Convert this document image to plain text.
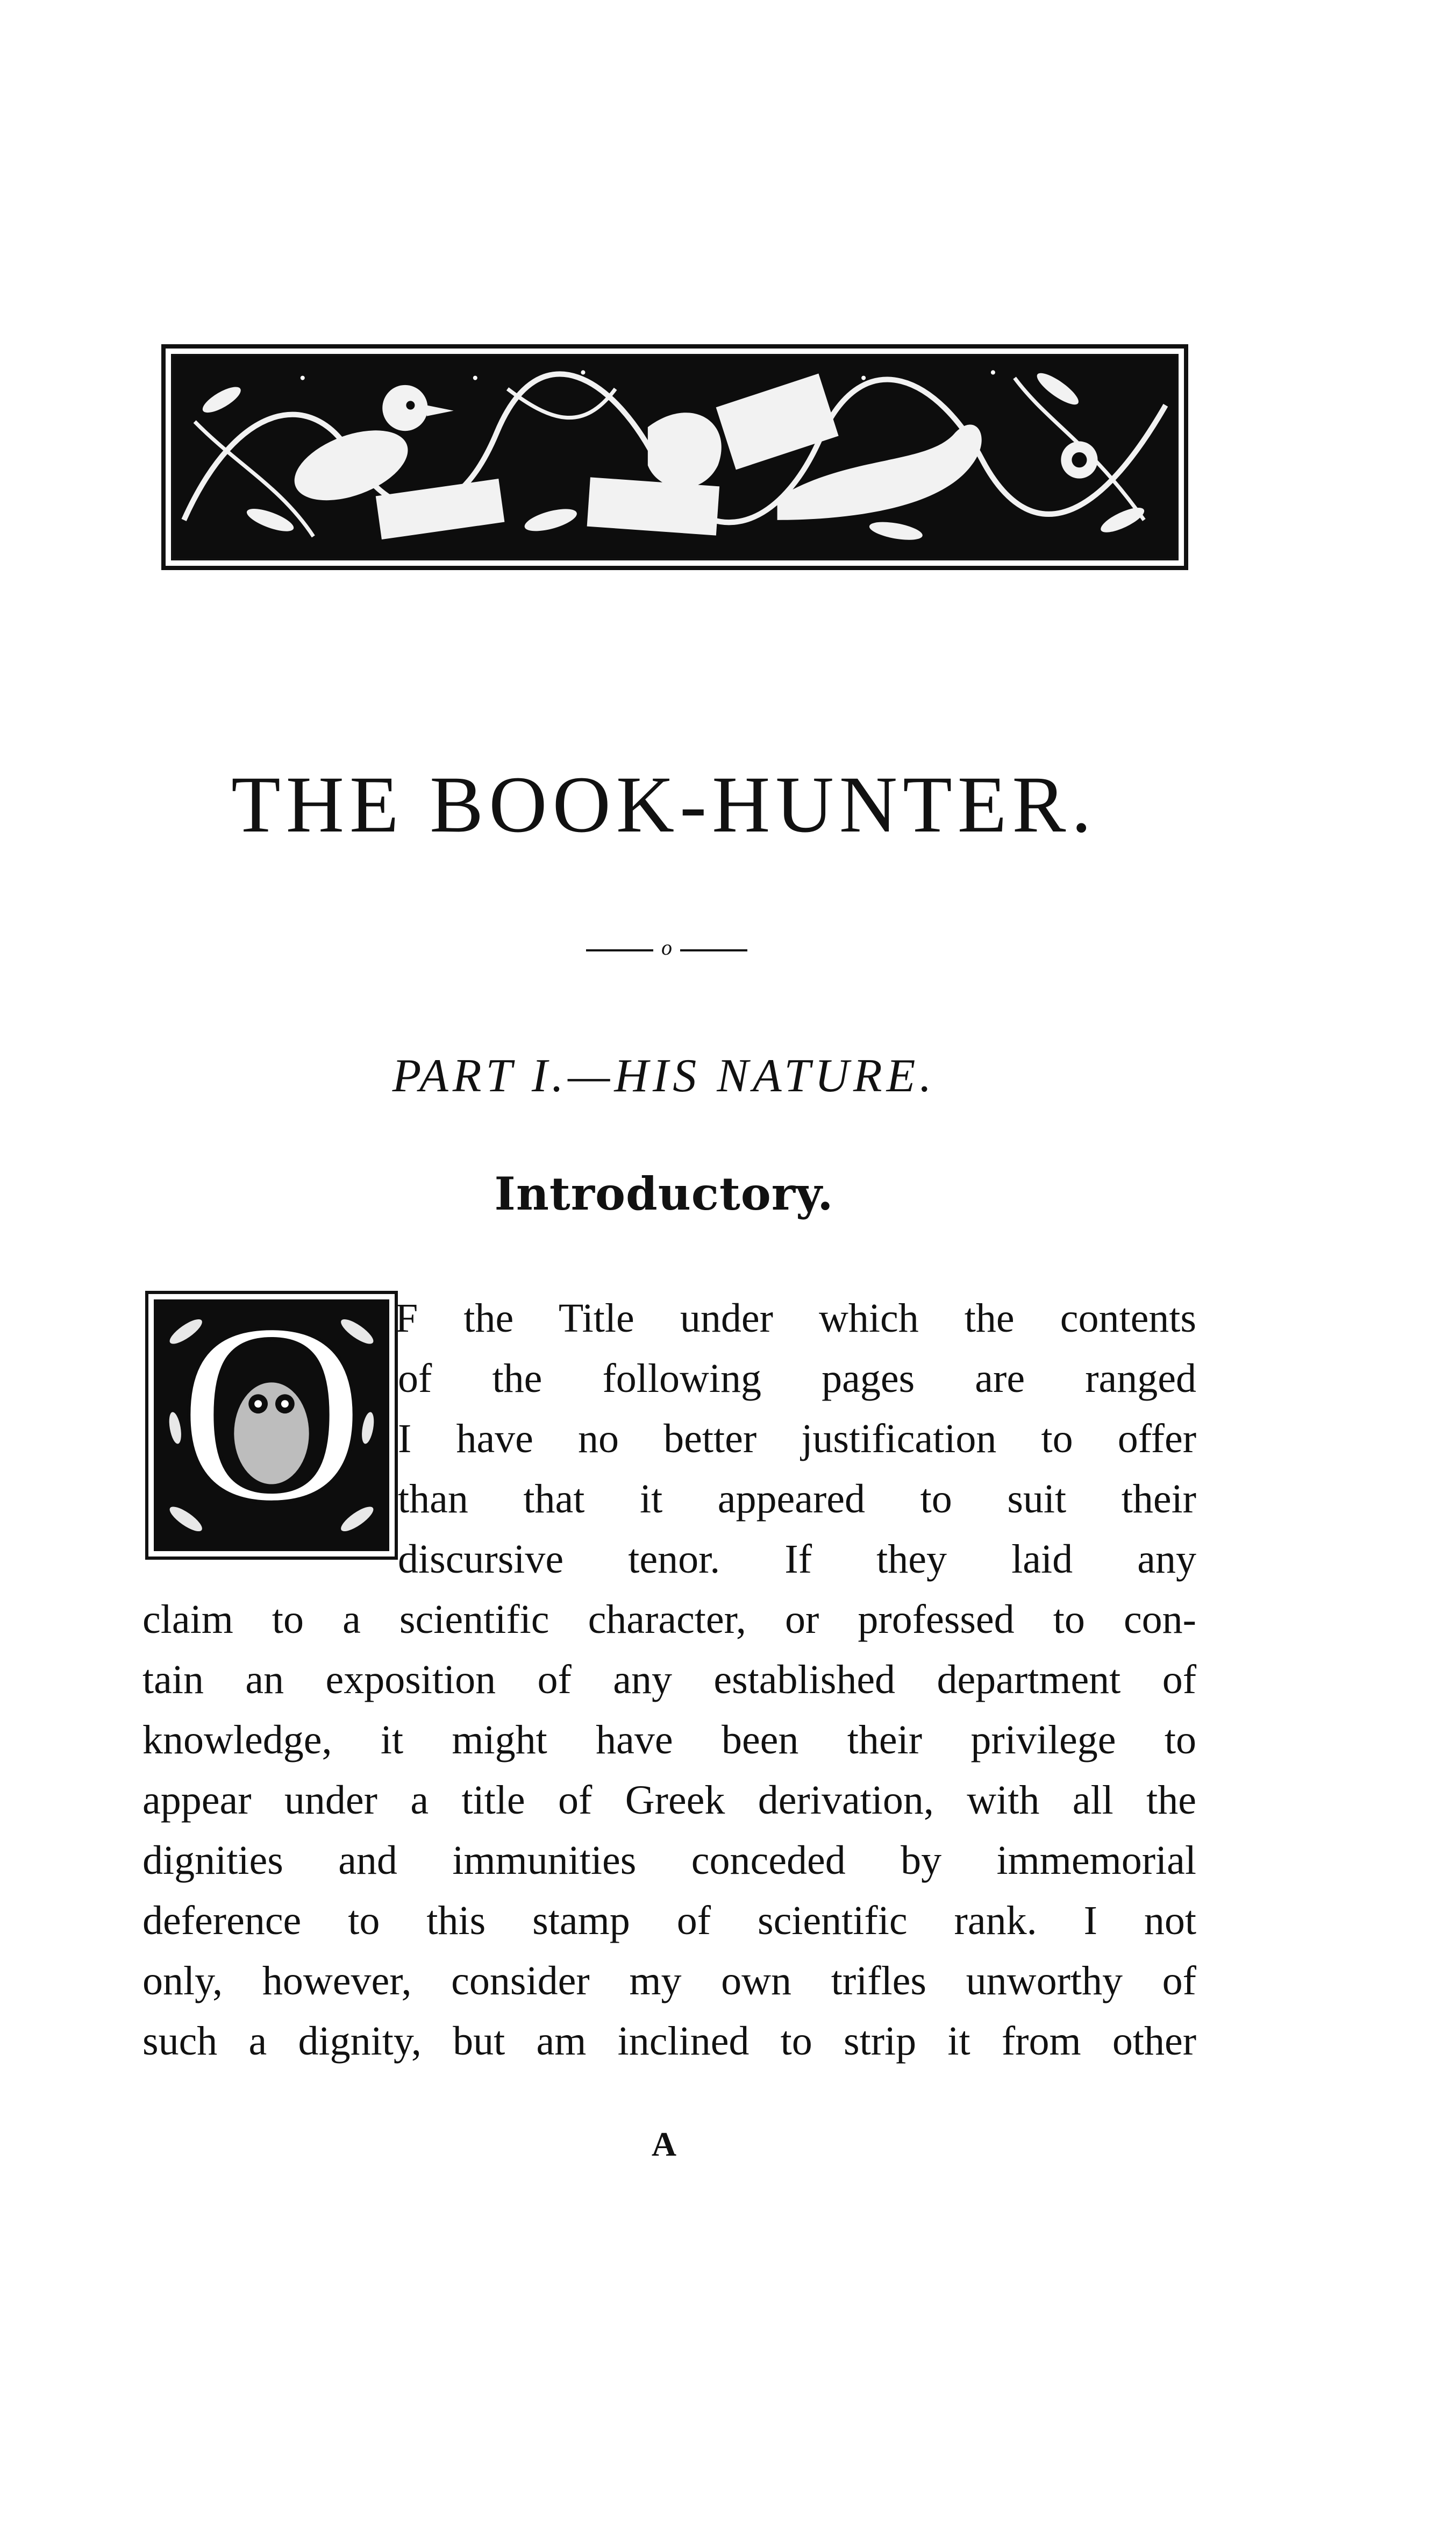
THE BOOK-HUNTER.
o
PART I.—HIS NATURE.
Introductory.
O F the Title under which the contents
of the following pages are ranged
I have no better justification to offer
than that it appeared to suit their
discursive tenor. If they laid any
claim to a scientific character, or professed to con-
tain an exposition of any established department of
knowledge, it might have been their privilege to
appear under a title of Greek derivation, with all the
dignities and immunities conceded by immemorial
deference to this stamp of scientific rank. I not
only, however, consider my own trifles unworthy of
such a dignity, but am inclined to strip it from other
A
